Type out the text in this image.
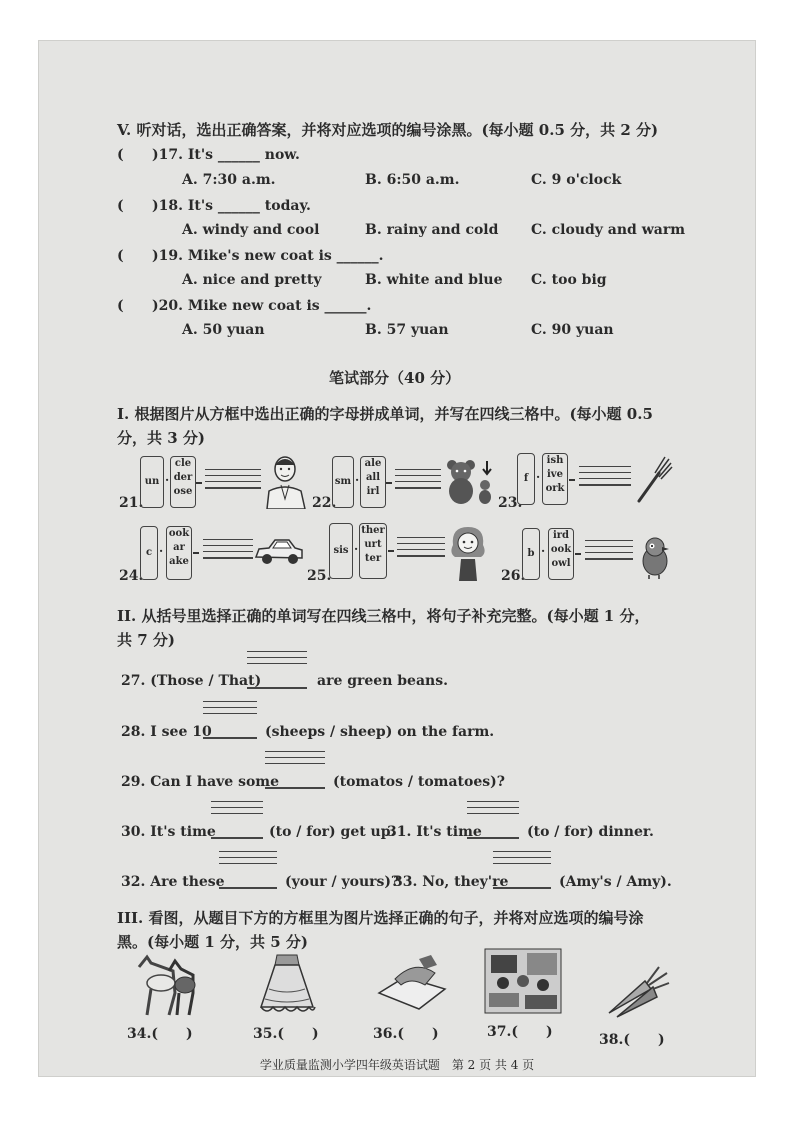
V. 听对话，选出正确答案，并将对应选项的编号涂黑。(每小题 0.5 分，共 2 分)
( )17. It's ______ now.
A. 7:30 a.m.	B. 6:50 a.m.	C. 9 o'clock
( )18. It's ______ today.
A. windy and cool	B. rainy and cold C. cloudy and warm
( )19. Mike's new coat is ______.
A. nice and pretty	B. white and blue C. too big
( )20. Mike new coat is ______.
A. 50 yuan	B. 57 yuan	C. 90 yuan
笔试部分（40 分）
I. 根据图片从方框中选出正确的字母拼成单词，并写在四线三格中。(每小题 0.5
分，共 3 分)
21.
un ·
cle
der
ose
22.
sm ·
ale
all
irl
23.
f ·
ish
ive
ork
24.
c ·
ook
ar
ake
25.
sis ·
ther
urt
ter
26.
b ·
ird
ook
owl
II. 从括号里选择正确的单词写在四线三格中，将句子补充完整。(每小题 1 分，
共 7 分)
27. (Those / That)	are green beans.
28. I see 10	(sheeps / sheep) on the farm.
29. Can I have some	(tomatos / tomatoes)?
30. It's time	(to / for) get up.
31. It's time	(to / for) dinner.
32. Are these	(your / yours)?
33. No, they're	(Amy's / Amy).
III. 看图，从题目下方的方框里为图片选择正确的句子，并将对应选项的编号涂
黑。(每小题 1 分，共 5 分)
34.(　　)	35.(　　)	36.(　　)	37.(　　)	38.(　　)
学业质量监测小学四年级英语试题　第 2 页 共 4 页
